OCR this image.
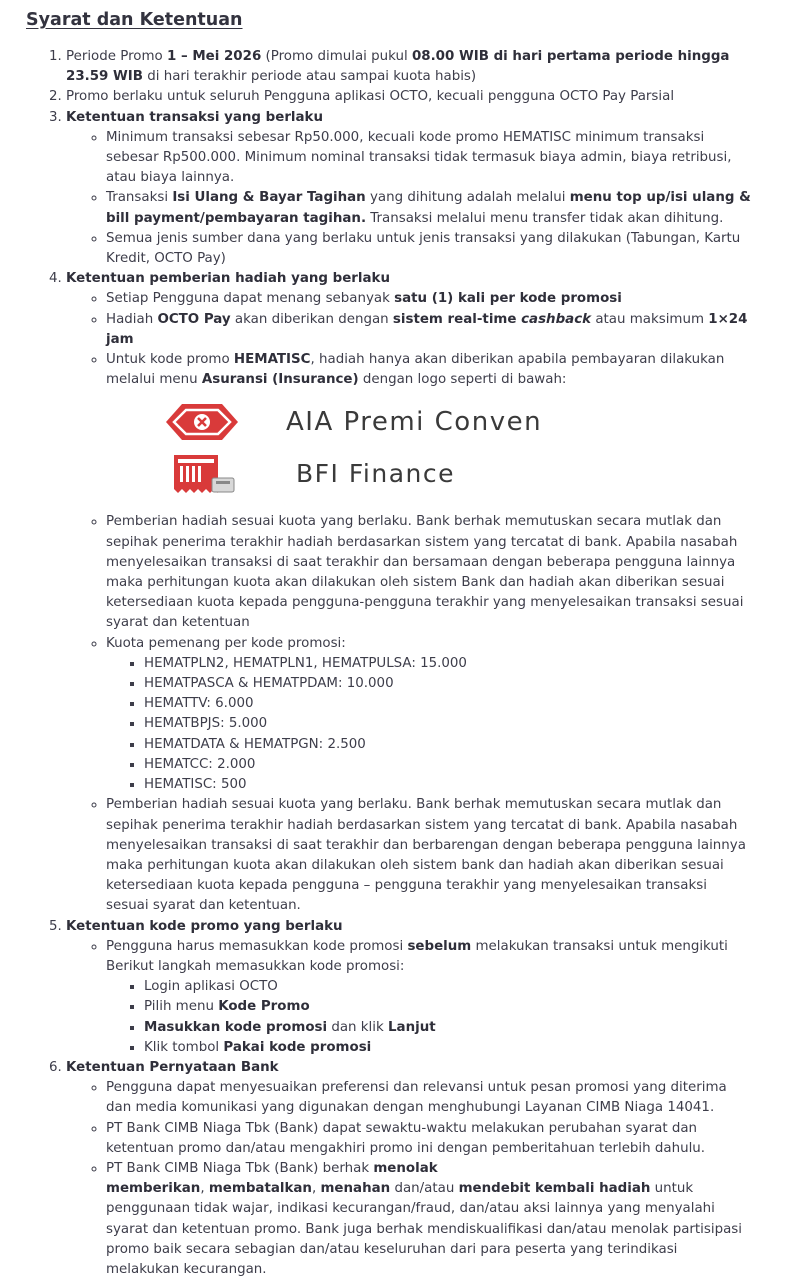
Syarat dan Ketentuan
1. Periode Promo 1 – Mei 2026 (Promo dimulai pukul 08.00 WIB di hari pertama periode hingga 23.59 WIB di hari terakhir periode atau sampai kuota habis)
2. Promo berlaku untuk seluruh Pengguna aplikasi OCTO, kecuali pengguna OCTO Pay Parsial
3. Ketentuan transaksi yang berlaku
◦ Minimum transaksi sebesar Rp50.000, kecuali kode promo HEMATISC minimum transaksi sebesar Rp500.000. Minimum nominal transaksi tidak termasuk biaya admin, biaya retribusi, atau biaya lainnya.
◦ Transaksi Isi Ulang & Bayar Tagihan yang dihitung adalah melalui menu top up/isi ulang & bill payment/pembayaran tagihan. Transaksi melalui menu transfer tidak akan dihitung.
◦ Semua jenis sumber dana yang berlaku untuk jenis transaksi yang dilakukan (Tabungan, Kartu Kredit, OCTO Pay)
4. Ketentuan pemberian hadiah yang berlaku
◦ Setiap Pengguna dapat menang sebanyak satu (1) kali per kode promosi
◦ Hadiah OCTO Pay akan diberikan dengan sistem real-time cashback atau maksimum 1×24 jam
◦ Untuk kode promo HEMATISC, hadiah hanya akan diberikan apabila pembayaran dilakukan melalui menu Asuransi (Insurance) dengan logo seperti di bawah:
AIA Premi Conven
BFI Finance
◦ Pemberian hadiah sesuai kuota yang berlaku. Bank berhak memutuskan secara mutlak dan sepihak penerima terakhir hadiah berdasarkan sistem yang tercatat di bank. Apabila nasabah menyelesaikan transaksi di saat terakhir dan bersamaan dengan beberapa pengguna lainnya maka perhitungan kuota akan dilakukan oleh sistem Bank dan hadiah akan diberikan sesuai ketersediaan kuota kepada pengguna-pengguna terakhir yang menyelesaikan transaksi sesuai syarat dan ketentuan
◦ Kuota pemenang per kode promosi:
▪ HEMATPLN2, HEMATPLN1, HEMATPULSA: 15.000
▪ HEMATPASCA & HEMATPDAM: 10.000
▪ HEMATTV: 6.000
▪ HEMATBPJS: 5.000
▪ HEMATDATA & HEMATPGN: 2.500
▪ HEMATCC: 2.000
▪ HEMATISC: 500
◦ Pemberian hadiah sesuai kuota yang berlaku. Bank berhak memutuskan secara mutlak dan sepihak penerima terakhir hadiah berdasarkan sistem yang tercatat di bank. Apabila nasabah menyelesaikan transaksi di saat terakhir dan berbarengan dengan beberapa pengguna lainnya maka perhitungan kuota akan dilakukan oleh sistem bank dan hadiah akan diberikan sesuai ketersediaan kuota kepada pengguna – pengguna terakhir yang menyelesaikan transaksi sesuai syarat dan ketentuan.
5. Ketentuan kode promo yang berlaku
◦ Pengguna harus memasukkan kode promosi sebelum melakukan transaksi untuk mengikuti Berikut langkah memasukkan kode promosi:
▪ Login aplikasi OCTO
▪ Pilih menu Kode Promo
▪ Masukkan kode promosi dan klik Lanjut
▪ Klik tombol Pakai kode promosi
6. Ketentuan Pernyataan Bank
◦ Pengguna dapat menyesuaikan preferensi dan relevansi untuk pesan promosi yang diterima dan media komunikasi yang digunakan dengan menghubungi Layanan CIMB Niaga 14041.
◦ PT Bank CIMB Niaga Tbk (Bank) dapat sewaktu-waktu melakukan perubahan syarat dan ketentuan promo dan/atau mengakhiri promo ini dengan pemberitahuan terlebih dahulu.
◦ PT Bank CIMB Niaga Tbk (Bank) berhak menolak
memberikan, membatalkan, menahan dan/atau mendebit kembali hadiah untuk penggunaan tidak wajar, indikasi kecurangan/fraud, dan/atau aksi lainnya yang menyalahi syarat dan ketentuan promo. Bank juga berhak mendiskualifikasi dan/atau menolak partisipasi promo baik secara sebagian dan/atau keseluruhan dari para peserta yang terindikasi melakukan kecurangan.
